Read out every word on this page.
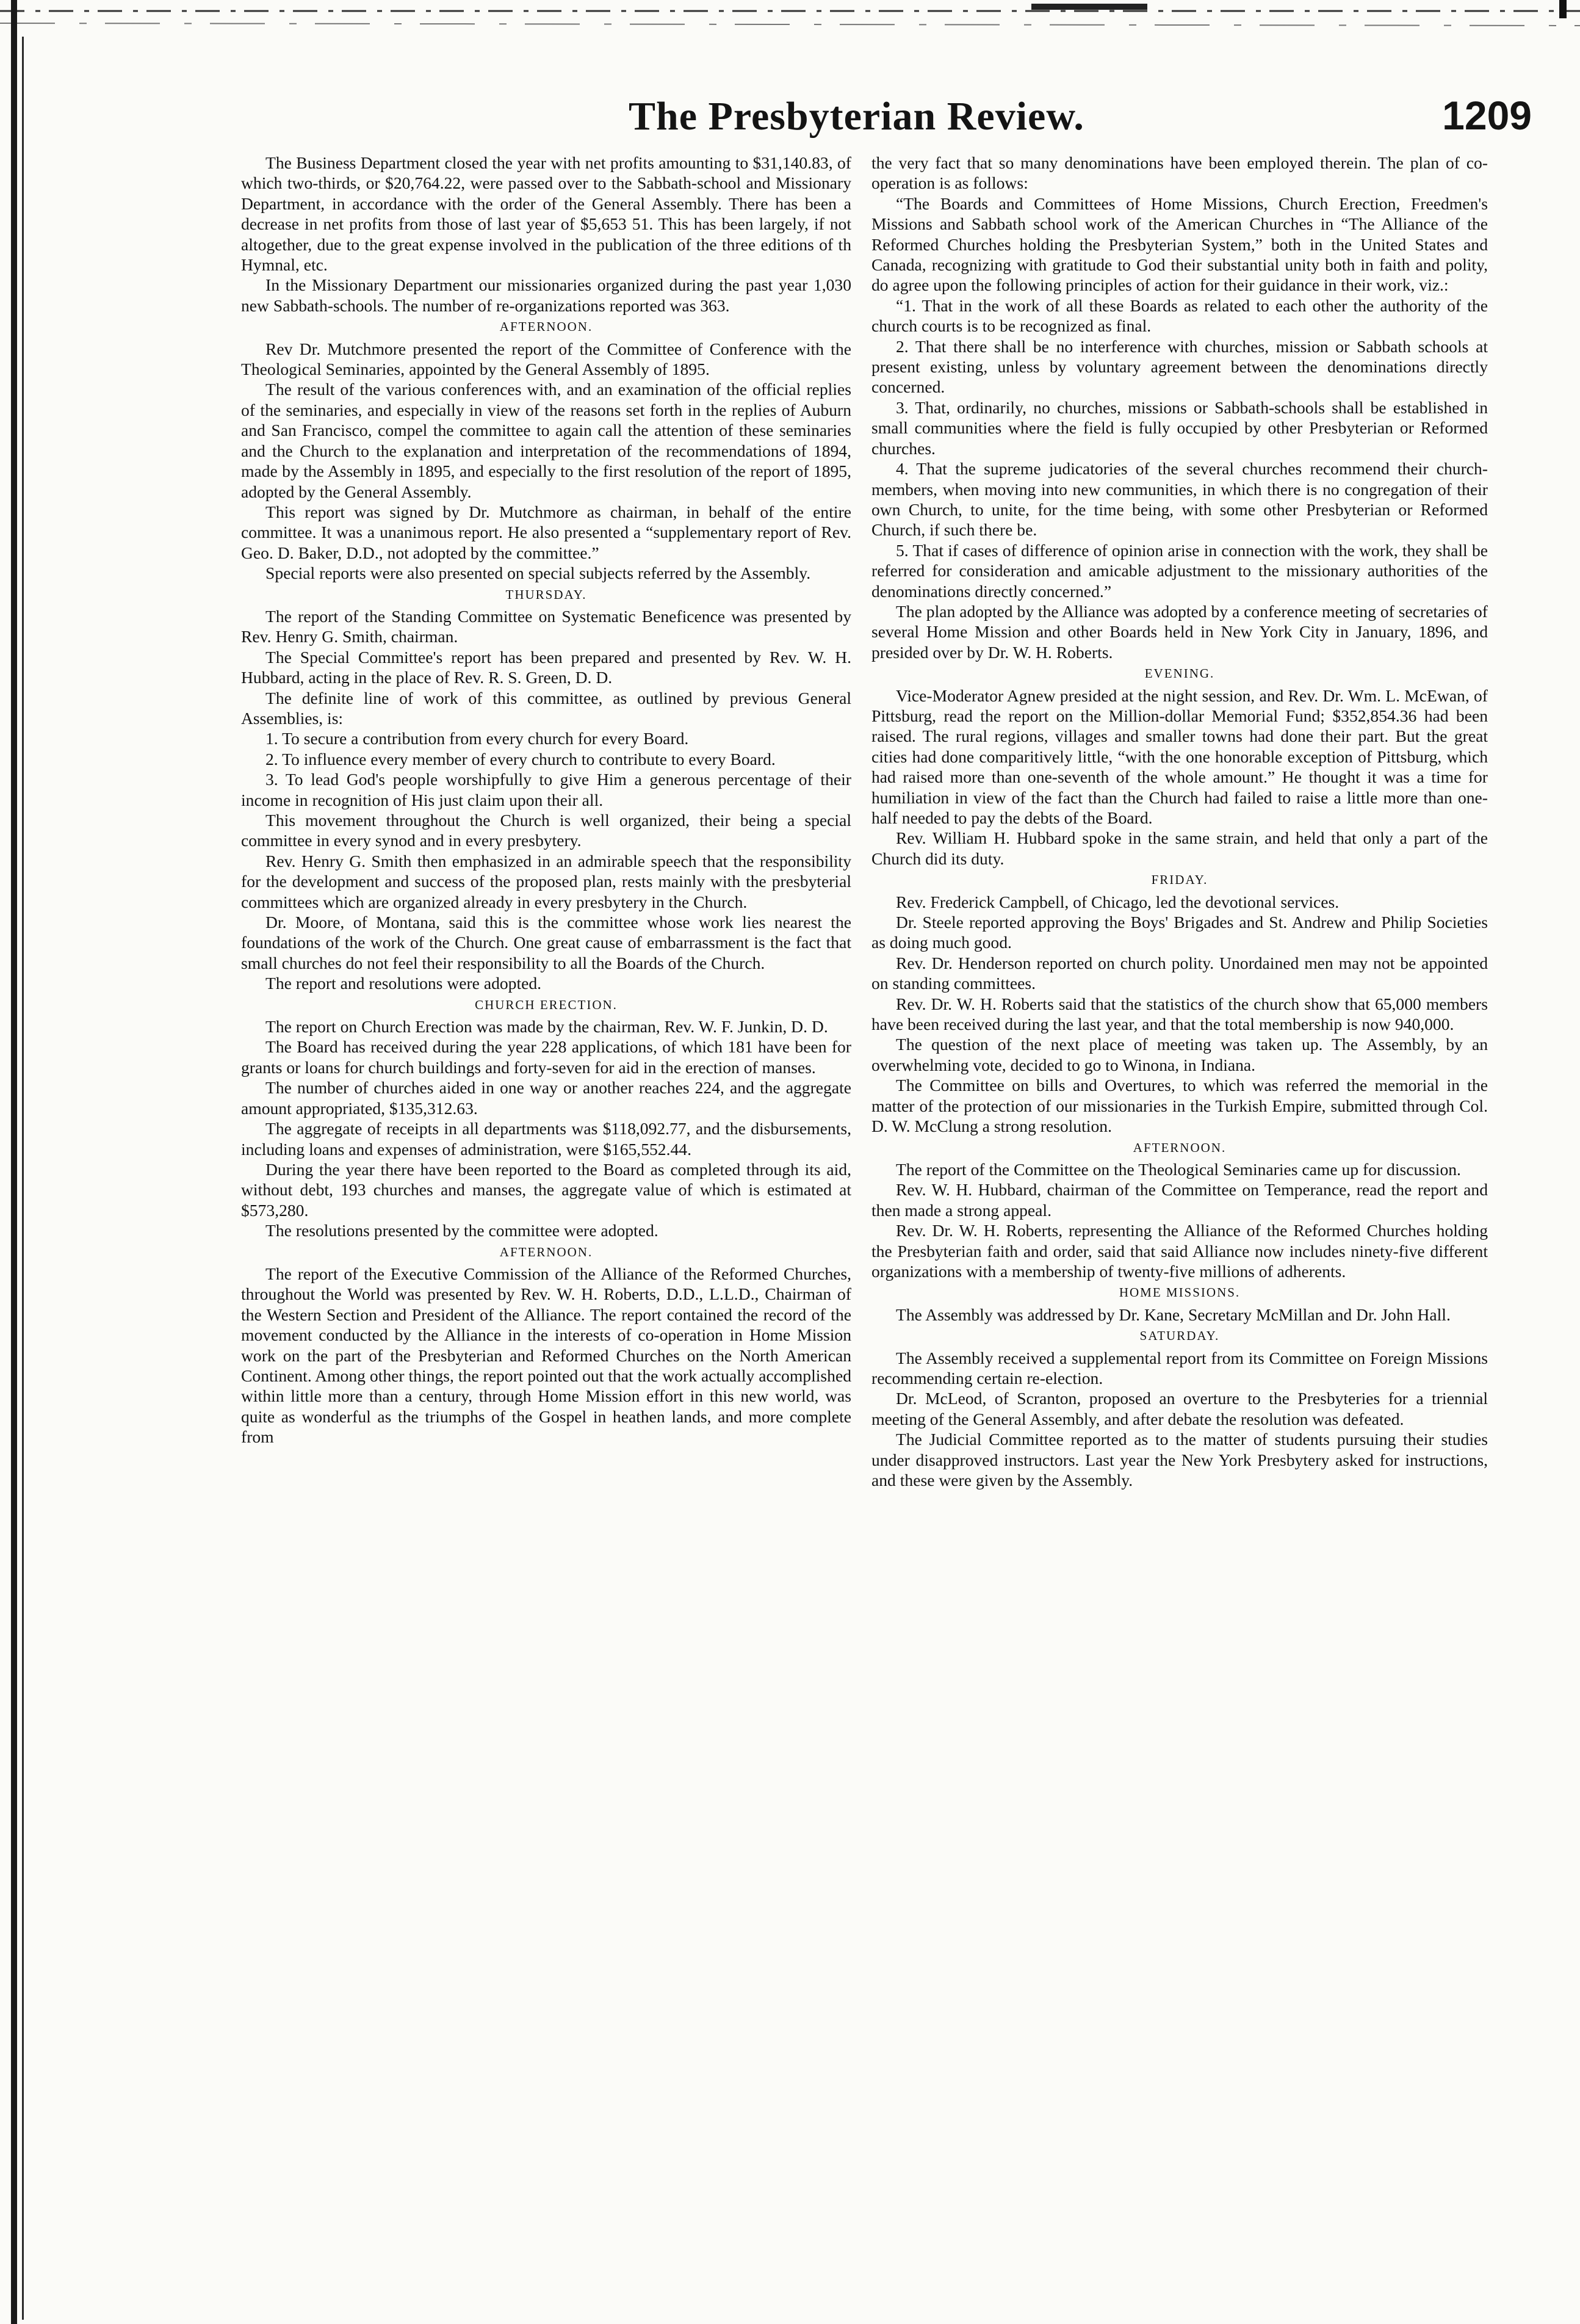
The Presbyterian Review.	1209

The Business Department closed the year with net profits amounting to $31,140.83, of which two-thirds, or $20,764.22, were passed over to the Sabbath-school and Missionary Department, in accordance with the order of the General Assembly. There has been a decrease in net profits from those of last year of $5,653 51. This has been largely, if not altogether, due to the great expense involved in the publication of the three editions of th Hymnal, etc.

In the Missionary Department our missionaries organized during the past year 1,030 new Sabbath-schools. The number of re-organizations reported was 363.

AFTERNOON.

Rev Dr. Mutchmore presented the report of the Committee of Conference with the Theological Seminaries, appointed by the General Assembly of 1895.

The result of the various conferences with, and an examination of the official replies of the seminaries, and especially in view of the reasons set forth in the replies of Auburn and San Francisco, compel the committee to again call the attention of these seminaries and the Church to the explanation and interpretation of the recommendations of 1894, made by the Assembly in 1895, and especially to the first resolution of the report of 1895, adopted by the General Assembly.

This report was signed by Dr. Mutchmore as chairman, in behalf of the entire committee. It was a unanimous report. He also presented a “supplementary report of Rev. Geo. D. Baker, D.D., not adopted by the committee.”

Special reports were also presented on special subjects referred by the Assembly.

THURSDAY.

The report of the Standing Committee on Systematic Beneficence was presented by Rev. Henry G. Smith, chairman.

The Special Committee's report has been prepared and presented by Rev. W. H. Hubbard, acting in the place of Rev. R. S. Green, D. D.

The definite line of work of this committee, as outlined by previous General Assemblies, is:

1. To secure a contribution from every church for every Board.

2. To influence every member of every church to contribute to every Board.

3. To lead God's people worshipfully to give Him a generous percentage of their income in recognition of His just claim upon their all.

This movement throughout the Church is well organized, their being a special committee in every synod and in every presbytery.

Rev. Henry G. Smith then emphasized in an admirable speech that the responsibility for the development and success of the proposed plan, rests mainly with the presbyterial committees which are organized already in every presbytery in the Church.

Dr. Moore, of Montana, said this is the committee whose work lies nearest the foundations of the work of the Church. One great cause of embarrassment is the fact that small churches do not feel their responsibility to all the Boards of the Church.

The report and resolutions were adopted.

CHURCH ERECTION.

The report on Church Erection was made by the chairman, Rev. W. F. Junkin, D. D.

The Board has received during the year 228 applications, of which 181 have been for grants or loans for church buildings and forty-seven for aid in the erection of manses.

The number of churches aided in one way or another reaches 224, and the aggregate amount appropriated, $135,312.63.

The aggregate of receipts in all departments was $118,092.77, and the disbursements, including loans and expenses of administration, were $165,552.44.

During the year there have been reported to the Board as completed through its aid, without debt, 193 churches and manses, the aggregate value of which is estimated at $573,280.

The resolutions presented by the committee were adopted.

AFTERNOON.

The report of the Executive Commission of the Alliance of the Reformed Churches, throughout the World was presented by Rev. W. H. Roberts, D.D., L.L.D., Chairman of the Western Section and President of the Alliance. The report contained the record of the movement conducted by the Alliance in the interests of co-operation in Home Mission work on the part of the Presbyterian and Reformed Churches on the North American Continent. Among other things, the report pointed out that the work actually accomplished within little more than a century, through Home Mission effort in this new world, was quite as wonderful as the triumphs of the Gospel in heathen lands, and more complete from

the very fact that so many denominations have been employed therein. The plan of co-operation is as follows:

“The Boards and Committees of Home Missions, Church Erection, Freedmen's Missions and Sabbath school work of the American Churches in “The Alliance of the Reformed Churches holding the Presbyterian System,” both in the United States and Canada, recognizing with gratitude to God their substantial unity both in faith and polity, do agree upon the following principles of action for their guidance in their work, viz.:

“1. That in the work of all these Boards as related to each other the authority of the church courts is to be recognized as final.

2. That there shall be no interference with churches, mission or Sabbath schools at present existing, unless by voluntary agreement between the denominations directly concerned.

3. That, ordinarily, no churches, missions or Sabbath-schools shall be established in small communities where the field is fully occupied by other Presbyterian or Reformed churches.

4. That the supreme judicatories of the several churches recommend their church-members, when moving into new communities, in which there is no congregation of their own Church, to unite, for the time being, with some other Presbyterian or Reformed Church, if such there be.

5. That if cases of difference of opinion arise in connection with the work, they shall be referred for consideration and amicable adjustment to the missionary authorities of the denominations directly concerned.”

The plan adopted by the Alliance was adopted by a conference meeting of secretaries of several Home Mission and other Boards held in New York City in January, 1896, and presided over by Dr. W. H. Roberts.

EVENING.

Vice-Moderator Agnew presided at the night session, and Rev. Dr. Wm. L. McEwan, of Pittsburg, read the report on the Million-dollar Memorial Fund; $352,854.36 had been raised. The rural regions, villages and smaller towns had done their part. But the great cities had done comparitively little, “with the one honorable exception of Pittsburg, which had raised more than one-seventh of the whole amount.” He thought it was a time for humiliation in view of the fact than the Church had failed to raise a little more than one-half needed to pay the debts of the Board.

Rev. William H. Hubbard spoke in the same strain, and held that only a part of the Church did its duty.

FRIDAY.

Rev. Frederick Campbell, of Chicago, led the devotional services.

Dr. Steele reported approving the Boys' Brigades and St. Andrew and Philip Societies as doing much good.

Rev. Dr. Henderson reported on church polity. Unordained men may not be appointed on standing committees.

Rev. Dr. W. H. Roberts said that the statistics of the church show that 65,000 members have been received during the last year, and that the total membership is now 940,000.

The question of the next place of meeting was taken up. The Assembly, by an overwhelming vote, decided to go to Winona, in Indiana.

The Committee on bills and Overtures, to which was referred the memorial in the matter of the protection of our missionaries in the Turkish Empire, submitted through Col. D. W. McClung a strong resolution.

AFTERNOON.

The report of the Committee on the Theological Seminaries came up for discussion.

Rev. W. H. Hubbard, chairman of the Committee on Temperance, read the report and then made a strong appeal.

Rev. Dr. W. H. Roberts, representing the Alliance of the Reformed Churches holding the Presbyterian faith and order, said that said Alliance now includes ninety-five different organizations with a membership of twenty-five millions of adherents.

HOME MISSIONS.

The Assembly was addressed by Dr. Kane, Secretary McMillan and Dr. John Hall.

SATURDAY.

The Assembly received a supplemental report from its Committee on Foreign Missions recommending certain re-election.

Dr. McLeod, of Scranton, proposed an overture to the Presbyteries for a triennial meeting of the General Assembly, and after debate the resolution was defeated.

The Judicial Committee reported as to the matter of students pursuing their studies under disapproved instructors. Last year the New York Presbytery asked for instructions, and these were given by the Assembly.
